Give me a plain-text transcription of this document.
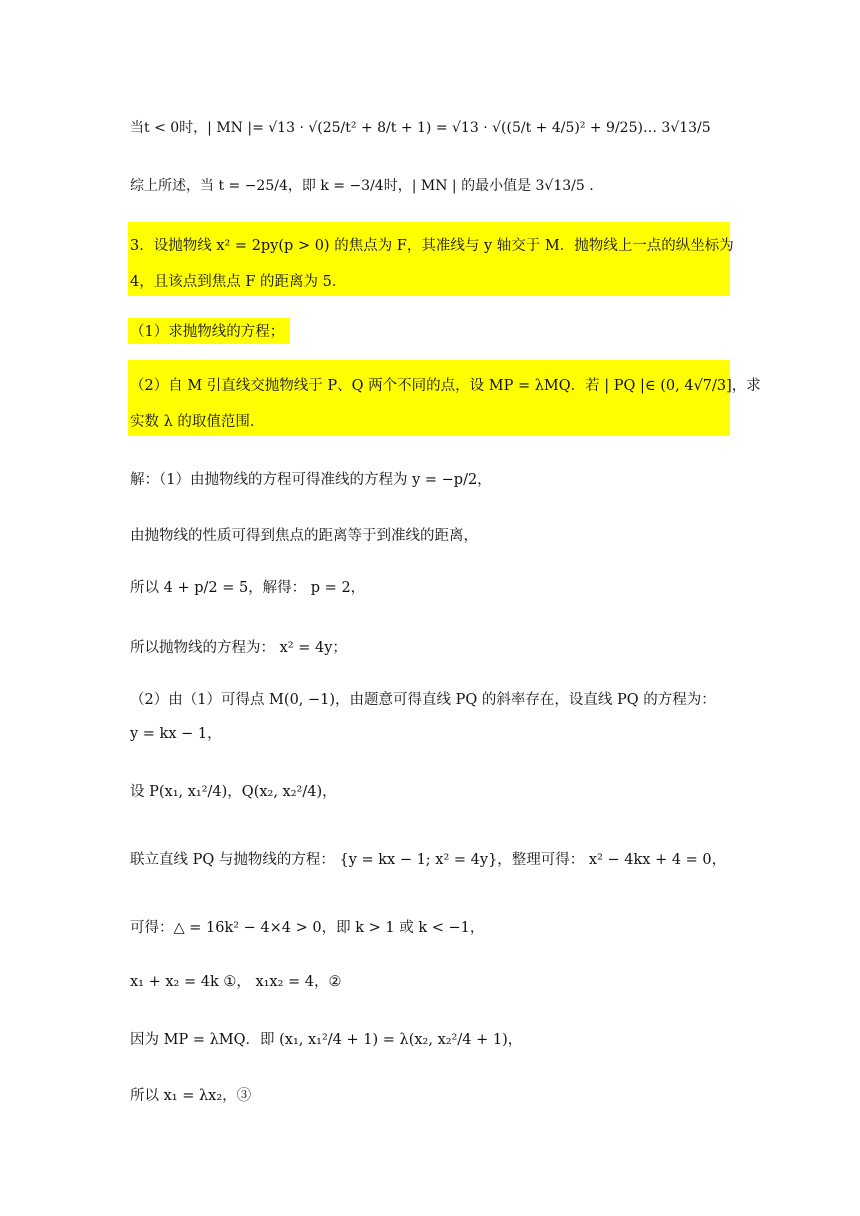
当t < 0时，| MN |= √13 · √(25/t² + 8/t + 1) = √13 · √((5/t + 4/5)² + 9/25)… 3√13/5
综上所述，当 t = −25/4，即 k = −3/4时，| MN | 的最小值是 3√13/5 .
3．设抛物线 x² = 2py(p > 0) 的焦点为 F，其准线与 y 轴交于 M．抛物线上一点的纵坐标为
4，且该点到焦点 F 的距离为 5．
（1）求抛物线的方程；
（2）自 M 引直线交抛物线于 P、Q 两个不同的点，设 MP = λMQ．若 | PQ |∈ (0, 4√7/3]，求
实数 λ 的取值范围．
解：（1）由抛物线的方程可得准线的方程为 y = −p/2，
由抛物线的性质可得到焦点的距离等于到准线的距离，
所以 4 + p/2 = 5，解得： p = 2，
所以抛物线的方程为： x² = 4y；
（2）由（1）可得点 M(0, −1)，由题意可得直线 PQ 的斜率存在，设直线 PQ 的方程为：
y = kx − 1，
设 P(x₁, x₁²/4)，Q(x₂, x₂²/4)，
联立直线 PQ 与抛物线的方程： {y = kx − 1; x² = 4y}，整理可得： x² − 4kx + 4 = 0，
可得：△ = 16k² − 4×4 > 0，即 k > 1 或 k < −1，
x₁ + x₂ = 4k ①， x₁x₂ = 4，②
因为 MP = λMQ．即 (x₁, x₁²/4 + 1) = λ(x₂, x₂²/4 + 1)，
所以 x₁ = λx₂，③
